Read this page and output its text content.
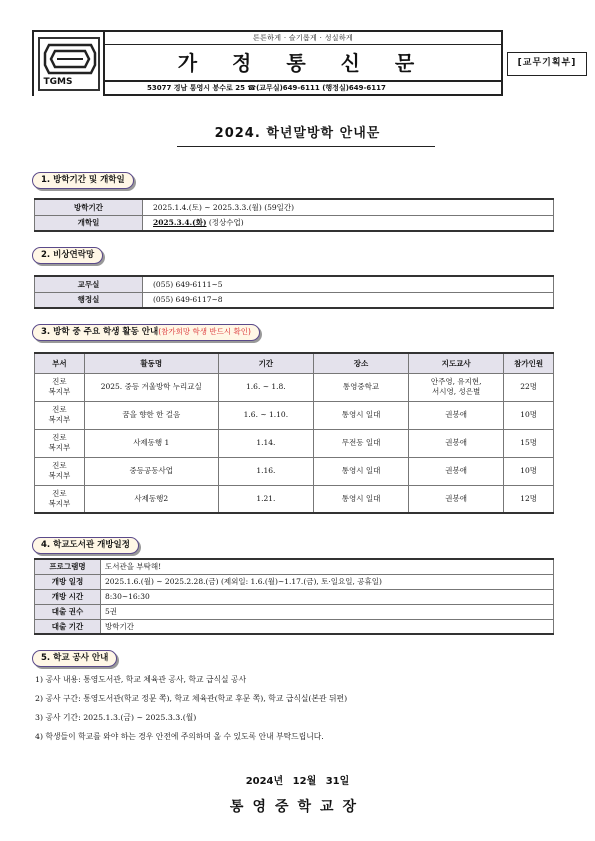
TGMS
튼튼하게 · 슬기롭게 · 성실하게
가 정 통 신 문
53077 경남 통영시 봉수로 25 ☎(교무실)649-6111 (행정실)649-6117
[교무기획부]
2024. 학년말방학 안내문
1. 방학기간 및 개학일
방학기간	2025.1.4.(토) ~ 2025.3.3.(월) (59일간)
개학일	2025.3.4.(화) (정상수업)
2. 비상연락망
교무실	(055) 649-6111~5
행정실	(055) 649-6117~8
3. 방학 중 주요 학생 활동 안내(참가희망 학생 반드시 확인)
부서	활동명	기간	장소	지도교사	참가인원
진로
복지부	2025. 중등 겨울방학 누리교실	1.6. ~ 1.8.	통영중학교	안주영, 유지현,
서시영, 성은별	22명
진로
복지부	꿈을 향한 한 걸음	1.6. ~ 1.10.	통영시 일대	권봉애	10명
진로
복지부	사제동행 1	1.14.	무전동 일대	권봉애	15명
진로
복지부	중등공동사업	1.16.	통영시 일대	권봉애	10명
진로
복지부	사제동행2	1.21.	통영시 일대	권봉애	12명
4. 학교도서관 개방일정
프로그램명	도서관을 부탁해!
개방 일정	2025.1.6.(월) ~ 2025.2.28.(금) (제외일: 1.6.(월)~1.17.(금), 토·일요일, 공휴일)
개방 시간	8:30~16:30
대출 권수	5권
대출 기간	방학기간
5. 학교 공사 안내
1) 공사 내용: 통영도서관, 학교 체육관 공사, 학교 급식실 공사
2) 공사 구간: 통영도서관(학교 정문 쪽), 학교 체육관(학교 후문 쪽), 학교 급식실(본관 뒤편)
3) 공사 기간: 2025.1.3.(금) ~ 2025.3.3.(월)
4) 학생들이 학교를 와야 하는 경우 안전에 주의하며 올 수 있도록 안내 부탁드립니다.
2024년 12월 31일
통영중학교장
